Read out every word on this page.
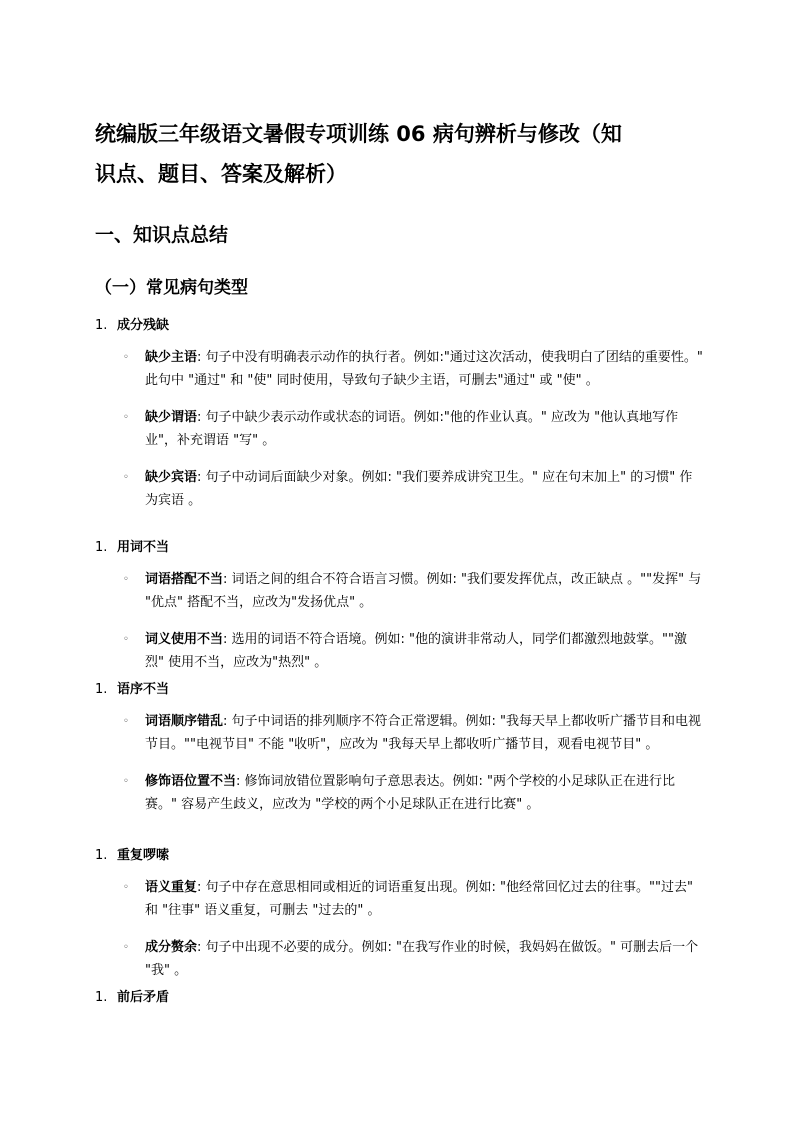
统编版三年级语文暑假专项训练 06 病句辨析与修改（知
识点、题目、答案及解析）
一、知识点总结
（一）常见病句类型
1. 成分残缺
◦ 缺少主语: 句子中没有明确表示动作的执行者。例如:"通过这次活动，使我明白了团结的重要性。" 此句中 "通过" 和 "使" 同时使用，导致句子缺少主语，可删去"通过" 或 "使" 。
◦ 缺少谓语: 句子中缺少表示动作或状态的词语。例如:"他的作业认真。" 应改为 "他认真地写作业"，补充谓语 "写" 。
◦ 缺少宾语: 句子中动词后面缺少对象。例如: "我们要养成讲究卫生。" 应在句末加上" 的习惯" 作为宾语 。
1. 用词不当
◦ 词语搭配不当: 词语之间的组合不符合语言习惯。例如: "我们要发挥优点，改正缺点 。""发挥" 与 "优点" 搭配不当，应改为"发扬优点" 。
◦ 词义使用不当: 选用的词语不符合语境。例如: "他的演讲非常动人，同学们都激烈地鼓掌。""激烈" 使用不当，应改为"热烈" 。
1. 语序不当
◦ 词语顺序错乱: 句子中词语的排列顺序不符合正常逻辑。例如: "我每天早上都收听广播节目和电视节目。""电视节目" 不能 "收听"，应改为 "我每天早上都收听广播节目，观看电视节目" 。
◦ 修饰语位置不当: 修饰词放错位置影响句子意思表达。例如: "两个学校的小足球队正在进行比赛。" 容易产生歧义，应改为 "学校的两个小足球队正在进行比赛" 。
1. 重复啰嗦
◦ 语义重复: 句子中存在意思相同或相近的词语重复出现。例如: "他经常回忆过去的往事。""过去" 和 "往事" 语义重复，可删去 "过去的" 。
◦ 成分赘余: 句子中出现不必要的成分。例如: "在我写作业的时候，我妈妈在做饭。" 可删去后一个 "我" 。
1. 前后矛盾
